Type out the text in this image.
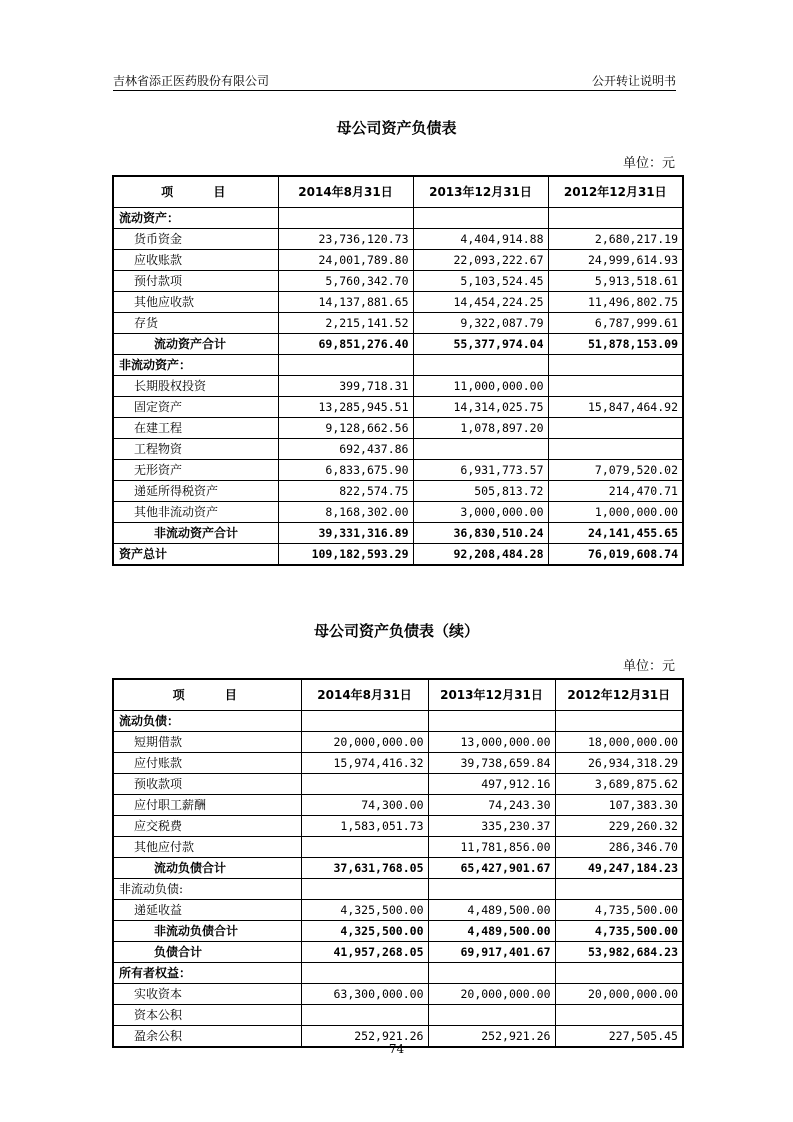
吉林省添正医药股份有限公司	公开转让说明书
母公司资产负债表
单位：元
项 目	2014年8月31日	2013年12月31日	2012年12月31日
流动资产：			
货币资金	23,736,120.73	4,404,914.88	2,680,217.19
应收账款	24,001,789.80	22,093,222.67	24,999,614.93
预付款项	5,760,342.70	5,103,524.45	5,913,518.61
其他应收款	14,137,881.65	14,454,224.25	11,496,802.75
存货	2,215,141.52	9,322,087.79	6,787,999.61
流动资产合计	69,851,276.40	55,377,974.04	51,878,153.09
非流动资产：			
长期股权投资	399,718.31	11,000,000.00	
固定资产	13,285,945.51	14,314,025.75	15,847,464.92
在建工程	9,128,662.56	1,078,897.20	
工程物资	692,437.86		
无形资产	6,833,675.90	6,931,773.57	7,079,520.02
递延所得税资产	822,574.75	505,813.72	214,470.71
其他非流动资产	8,168,302.00	3,000,000.00	1,000,000.00
非流动资产合计	39,331,316.89	36,830,510.24	24,141,455.65
资产总计	109,182,593.29	92,208,484.28	76,019,608.74
母公司资产负债表（续）
单位：元
项 目	2014年8月31日	2013年12月31日	2012年12月31日
流动负债：			
短期借款	20,000,000.00	13,000,000.00	18,000,000.00
应付账款	15,974,416.32	39,738,659.84	26,934,318.29
预收款项		497,912.16	3,689,875.62
应付职工薪酬	74,300.00	74,243.30	107,383.30
应交税费	1,583,051.73	335,230.37	229,260.32
其他应付款		11,781,856.00	286,346.70
流动负债合计	37,631,768.05	65,427,901.67	49,247,184.23
非流动负债:			
递延收益	4,325,500.00	4,489,500.00	4,735,500.00
非流动负债合计	4,325,500.00	4,489,500.00	4,735,500.00
负债合计	41,957,268.05	69,917,401.67	53,982,684.23
所有者权益：			
实收资本	63,300,000.00	20,000,000.00	20,000,000.00
资本公积			
盈余公积	252,921.26	252,921.26	227,505.45
74
